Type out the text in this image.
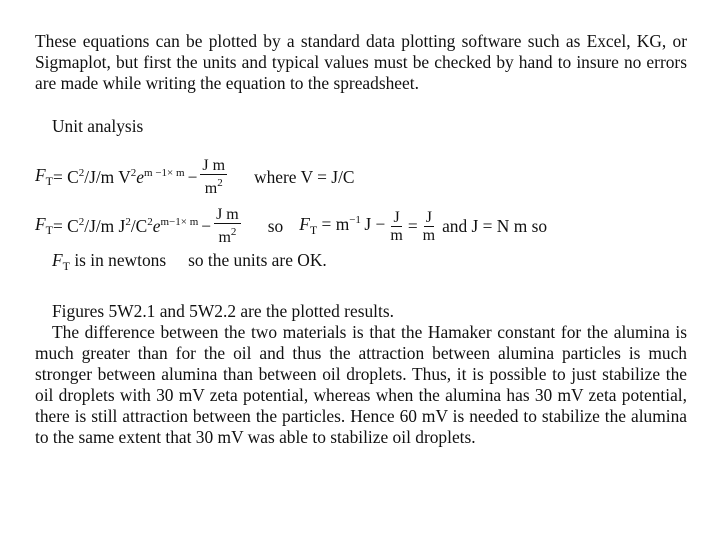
These equations can be plotted by a standard data plotting software such as Excel, KG, or Sigmaplot, but first the units and typical values must be checked by hand to insure no errors are made while writing the equation to the spreadsheet.

Unit analysis
$F_T = C^2/J/m$ $V^2e^{m -1\times m} - \frac{\text{J m}}{m^2}$ where V = J/C
$F_T = C^2/J/m$ $J^2/C^2e^{m-1\times m} - \frac{\text{J m}}{m^2}$ so $F_T = m^{-1}$  $J - \frac{J}{m} = \frac{J}{m}$ and J = N m so
$F_T$ is in newtons so the units are OK.
Figures 5W2.1 and 5W2.2 are the plotted results.

The difference between the two materials is that the Hamaker constant for the alumina is much greater than for the oil and thus the attraction between alumina particles is much stronger between alumina than between oil droplets. Thus, it is possible to just stabilize the oil droplets with 30 mV zeta potential, whereas when the alumina has 30 mV zeta potential, there is still attraction between the particles. Hence 60 mV is needed to stabilize the alumina to the same extent that 30 mV was able to stabilize oil droplets.
